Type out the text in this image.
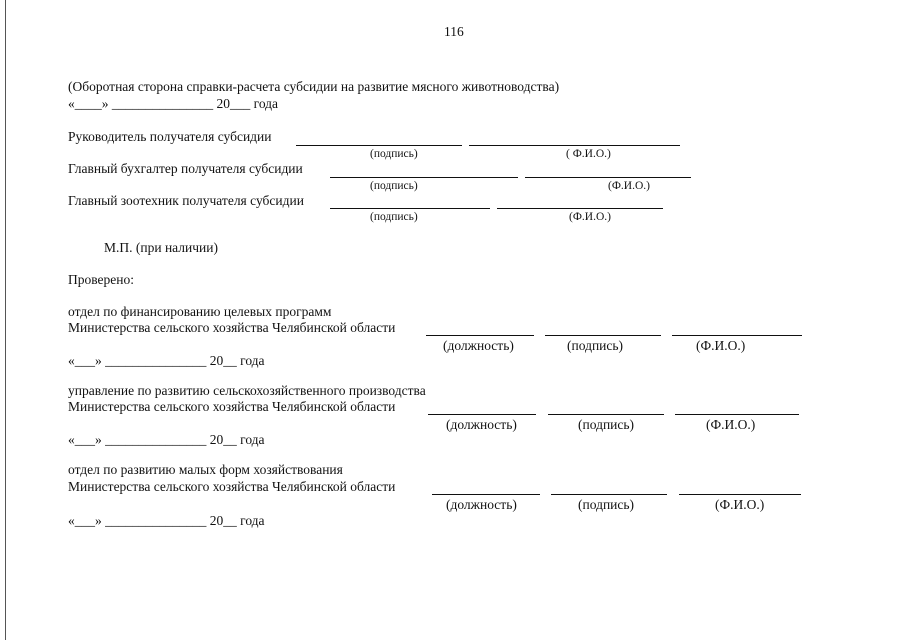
116
(Оборотная сторона справки-расчета субсидии на развитие мясного животноводства)
«____» _______________ 20___ года
Руководитель получателя субсидии
(подпись)	( Ф.И.О.)
Главный бухгалтер получателя субсидии
(подпись)	(Ф.И.О.)
Главный зоотехник получателя субсидии
(подпись)	(Ф.И.О.)
М.П. (при наличии)
Проверено:
отдел по финансированию целевых программ
Министерства сельского хозяйства Челябинской области
(должность)	(подпись)	(Ф.И.О.)
«___» _______________ 20__ года
управление по развитию сельскохозяйственного производства
Министерства сельского хозяйства Челябинской области
(должность)	(подпись)	(Ф.И.О.)
«___» _______________ 20__ года
отдел по развитию малых форм хозяйствования
Министерства сельского хозяйства Челябинской области
(должность)	(подпись)	(Ф.И.О.)
«___» _______________ 20__ года
